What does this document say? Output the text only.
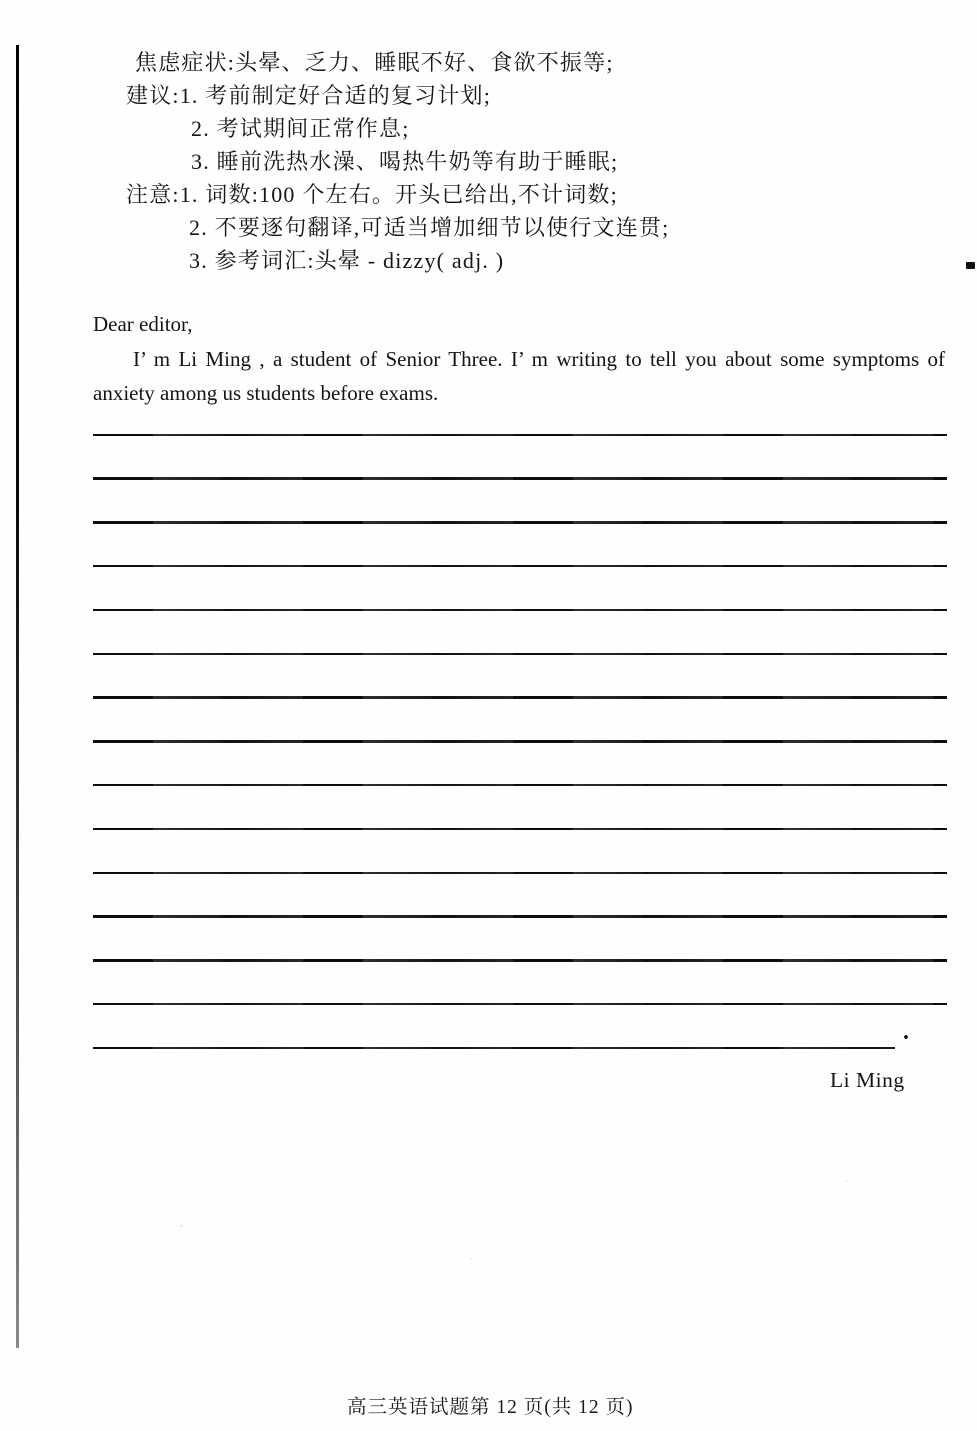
焦虑症状:头晕、乏力、睡眠不好、食欲不振等;
建议:1. 考前制定好合适的复习计划;
2. 考试期间正常作息;
3. 睡前洗热水澡、喝热牛奶等有助于睡眠;
注意:1. 词数:100 个左右。开头已给出,不计词数;
2. 不要逐句翻译,可适当增加细节以使行文连贯;
3. 参考词汇:头晕 - dizzy( adj. )
Dear editor,
I’ m Li Ming , a student of Senior Three. I’ m writing to tell you about some symptoms of
anxiety among us students before exams.
.
Li Ming
高三英语试题第 12 页(共 12 页)
